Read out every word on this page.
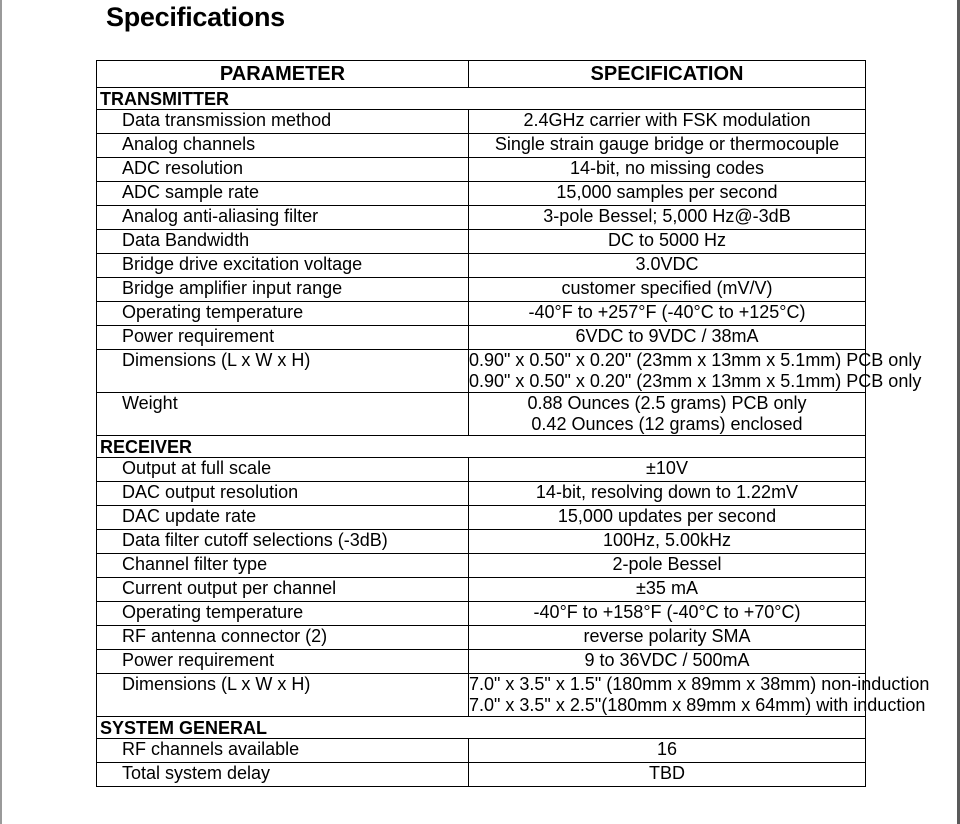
Specifications
PARAMETER	SPECIFICATION
TRANSMITTER	
Data transmission method	2.4GHz carrier with FSK modulation

Analog channels	Single strain gauge bridge or thermocouple

ADC resolution	14-bit, no missing codes

ADC sample rate	15,000 samples per second

Analog anti-aliasing filter	3-pole Bessel; 5,000 Hz@-3dB

Data Bandwidth	DC to 5000 Hz

Bridge drive excitation voltage	3.0VDC

Bridge amplifier input range	customer specified (mV/V)

Operating temperature	-40°F to +257°F (-40°C to +125°C)

Power requirement	6VDC to 9VDC / 38mA

Dimensions (L x W x H)	0.90" x 0.50" x 0.20" (23mm x 13mm x 5.1mm) PCB only
0.90" x 0.50" x 0.20" (23mm x 13mm x 5.1mm) PCB only

Weight	0.88 Ounces (2.5 grams) PCB only
0.42 Ounces (12 grams) enclosed

RECEIVER	
Output at full scale	±10V

DAC output resolution	14-bit, resolving down to 1.22mV

DAC update rate	15,000 updates per second

Data filter cutoff selections (-3dB)	100Hz, 5.00kHz

Channel filter type	2-pole Bessel

Current output per channel	±35 mA

Operating temperature	-40°F to +158°F (-40°C to +70°C)

RF antenna connector (2)	reverse polarity SMA

Power requirement	9 to 36VDC / 500mA

Dimensions (L x W x H)	7.0" x 3.5" x 1.5" (180mm x 89mm x 38mm) non-induction
7.0" x 3.5" x 2.5"(180mm x 89mm x 64mm) with induction

SYSTEM GENERAL	
RF channels available	16

Total system delay	TBD
